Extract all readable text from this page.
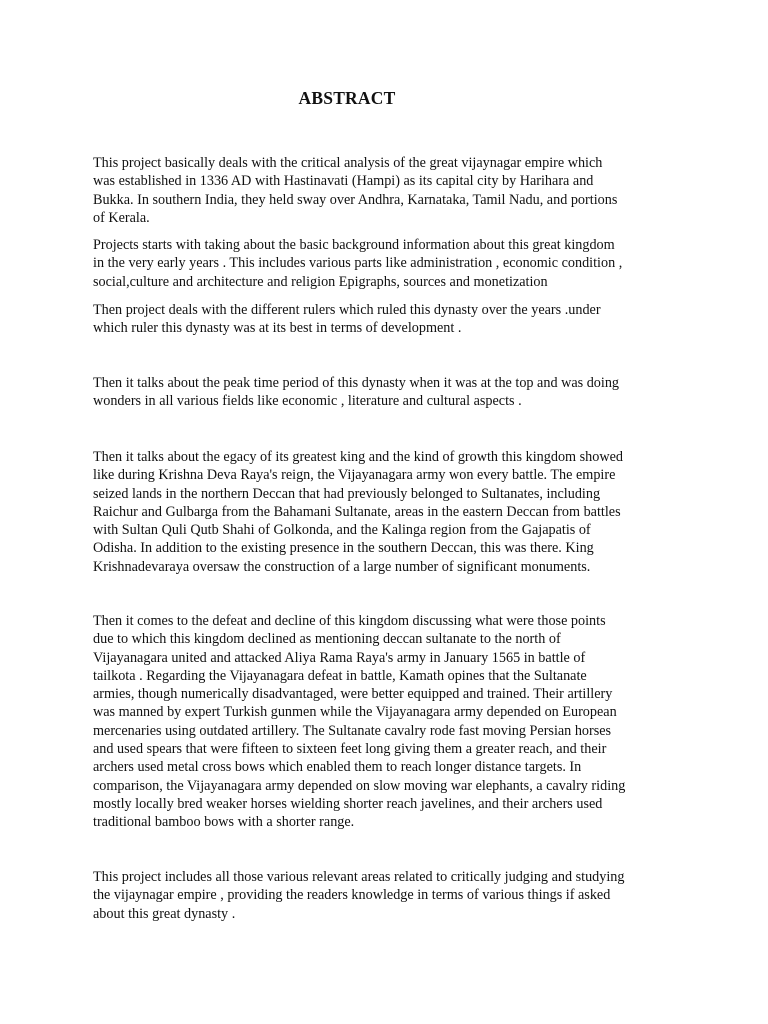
ABSTRACT
This project basically deals with the critical analysis of the great vijaynagar empire which
was established in 1336 AD with Hastinavati (Hampi) as its capital city by Harihara and
Bukka. In southern India, they held sway over Andhra, Karnataka, Tamil Nadu, and portions
of Kerala.
Projects starts with taking about the basic background information about this great kingdom
in the very early years . This includes various parts like administration , economic condition ,
social,culture and architecture and religion Epigraphs, sources and monetization
Then project deals with the different rulers which ruled this dynasty over the years .under
which ruler this dynasty was at its best in terms of development .
Then it talks about the peak time period of this dynasty when it was at the top and was doing
wonders in all various fields like economic , literature and cultural aspects .
Then it talks about the egacy of its greatest king and the kind of growth this kingdom showed
like during Krishna Deva Raya's reign, the Vijayanagara army won every battle. The empire
seized lands in the northern Deccan that had previously belonged to Sultanates, including
Raichur and Gulbarga from the Bahamani Sultanate, areas in the eastern Deccan from battles
with Sultan Quli Qutb Shahi of Golkonda, and the Kalinga region from the Gajapatis of
Odisha. In addition to the existing presence in the southern Deccan, this was there. King
Krishnadevaraya oversaw the construction of a large number of significant monuments.
Then it comes to the defeat and decline of this kingdom discussing what were those points
due to which this kingdom declined as mentioning deccan sultanate to the north of
Vijayanagara united and attacked Aliya Rama Raya's army in January 1565 in battle of
tailkota . Regarding the Vijayanagara defeat in battle, Kamath opines that the Sultanate
armies, though numerically disadvantaged, were better equipped and trained. Their artillery
was manned by expert Turkish gunmen while the Vijayanagara army depended on European
mercenaries using outdated artillery. The Sultanate cavalry rode fast moving Persian horses
and used spears that were fifteen to sixteen feet long giving them a greater reach, and their
archers used metal cross bows which enabled them to reach longer distance targets. In
comparison, the Vijayanagara army depended on slow moving war elephants, a cavalry riding
mostly locally bred weaker horses wielding shorter reach javelines, and their archers used
traditional bamboo bows with a shorter range.
This project includes all those various relevant areas related to critically judging and studying
the vijaynagar empire , providing the readers knowledge in terms of various things if asked
about this great dynasty .
